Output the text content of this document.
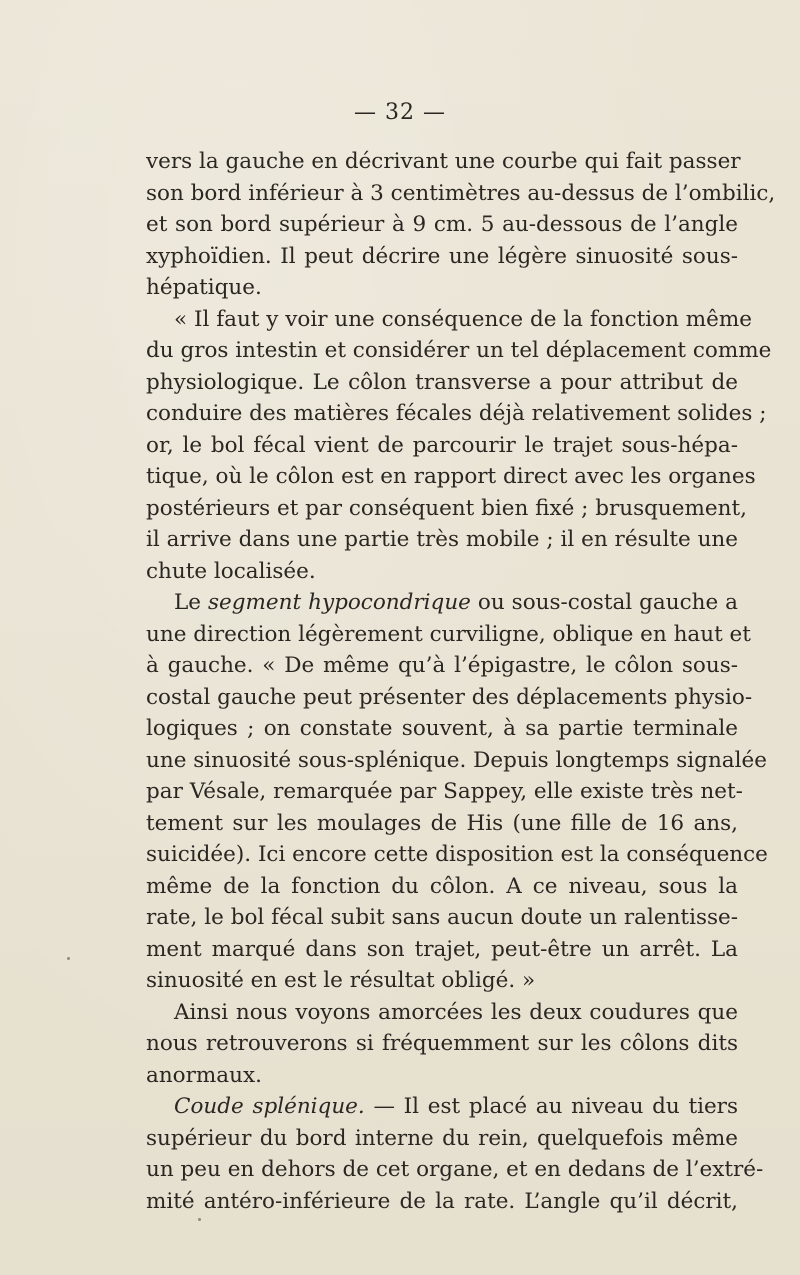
— 32 —
vers la gauche en décrivant une courbe qui fait passer
son bord inférieur à 3 centimètres au-dessus de l’ombilic,
et son bord supérieur à 9 cm. 5 au-dessous de l’angle
xyphoïdien. Il peut décrire une légère sinuosité sous-
hépatique.
« Il faut y voir une conséquence de la fonction même
du gros intestin et considérer un tel déplacement comme
physiologique. Le côlon transverse a pour attribut de
conduire des matières fécales déjà relativement solides ;
or, le bol fécal vient de parcourir le trajet sous-hépa-
tique, où le côlon est en rapport direct avec les organes
postérieurs et par conséquent bien fixé ; brusquement,
il arrive dans une partie très mobile ; il en résulte une
chute localisée.
Le segment hypocondrique ou sous-costal gauche a
une direction légèrement curviligne, oblique en haut et
à gauche. « De même qu’à l’épigastre, le côlon sous-
costal gauche peut présenter des déplacements physio-
logiques ; on constate souvent, à sa partie terminale
une sinuosité sous-splénique. Depuis longtemps signalée
par Vésale, remarquée par Sappey, elle existe très net-
tement sur les moulages de His (une fille de 16 ans,
suicidée). Ici encore cette disposition est la conséquence
même de la fonction du côlon. A ce niveau, sous la
rate, le bol fécal subit sans aucun doute un ralentisse-
ment marqué dans son trajet, peut-être un arrêt. La
sinuosité en est le résultat obligé. »
Ainsi nous voyons amorcées les deux coudures que
nous retrouverons si fréquemment sur les côlons dits
anormaux.
Coude splénique. — Il est placé au niveau du tiers
supérieur du bord interne du rein, quelquefois même
un peu en dehors de cet organe, et en dedans de l’extré-
mité antéro-inférieure de la rate. L’angle qu’il décrit,
